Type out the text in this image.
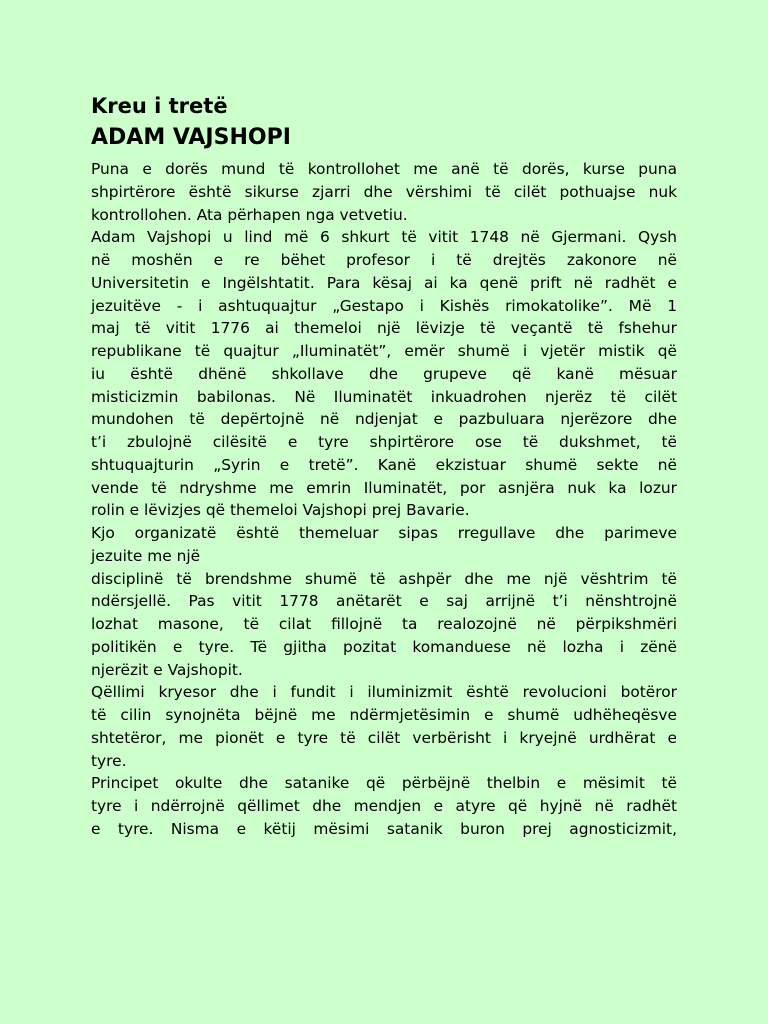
Kreu i tretë
ADAM VAJSHOPI
Puna e dorës mund të kontrollohet me anë të dorës, kurse puna
shpirtërore është sikurse zjarri dhe vërshimi të cilët pothuajse nuk
kontrollohen. Ata përhapen nga vetvetiu.
Adam Vajshopi u lind më 6 shkurt të vitit 1748 në Gjermani. Qysh
në moshën e re bëhet profesor i të drejtës zakonore në
Universitetin e Ingëlshtatit. Para kësaj ai ka qenë prift në radhët e
jezuitëve - i ashtuquajtur „Gestapo i Kishës rimokatolike”. Më 1
maj të vitit 1776 ai themeloi një lëvizje të veçantë të fshehur
republikane të quajtur „Iluminatët”, emër shumë i vjetër mistik që
iu është dhënë shkollave dhe grupeve që kanë mësuar
misticizmin babilonas. Në Iluminatët inkuadrohen njerëz të cilët
mundohen të depërtojnë në ndjenjat e pazbuluara njerëzore dhe
t’i zbulojnë cilësitë e tyre shpirtërore ose të dukshmet, të
shtuquajturin „Syrin e tretë”. Kanë ekzistuar shumë sekte në
vende të ndryshme me emrin Iluminatët, por asnjëra nuk ka lozur
rolin e lëvizjes që themeloi Vajshopi prej Bavarie.
Kjo organizatë është themeluar sipas rregullave dhe parimeve
jezuite me një
disciplinë të brendshme shumë të ashpër dhe me një vështrim të
ndërsjellë. Pas vitit 1778 anëtarët e saj arrijnë t’i nënshtrojnë
lozhat masone, të cilat fillojnë ta realozojnë në përpikshmëri
politikën e tyre. Të gjitha pozitat komanduese në lozha i zënë
njerëzit e Vajshopit.
Qëllimi kryesor dhe i fundit i iluminizmit është revolucioni botëror
të cilin synojnëta bëjnë me ndërmjetësimin e shumë udhëheqësve
shtetëror, me pionët e tyre të cilët verbërisht i kryejnë urdhërat e
tyre.
Principet okulte dhe satanike që përbëjnë thelbin e mësimit të
tyre i ndërrojnë qëllimet dhe mendjen e atyre që hyjnë në radhët
e tyre. Nisma e këtij mësimi satanik buron prej agnosticizmit,
